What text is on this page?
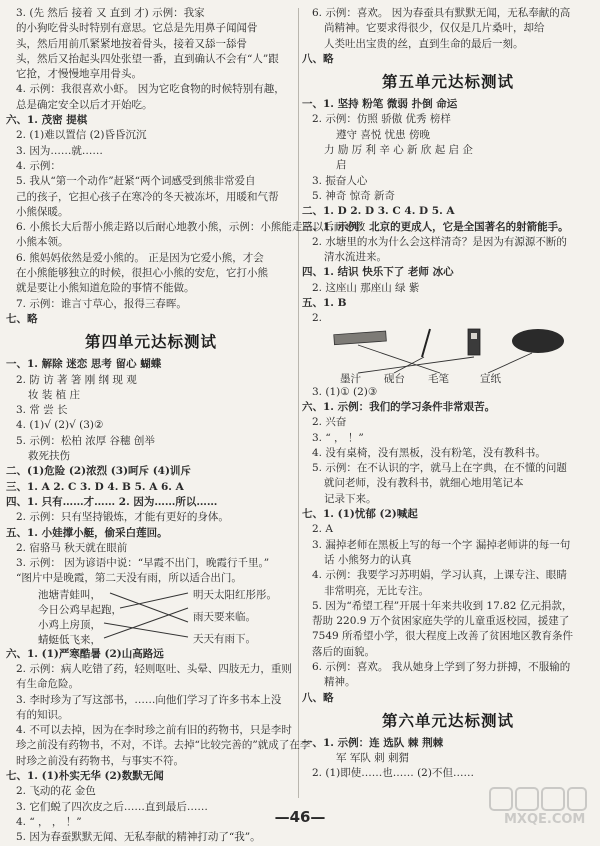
3. (先 然后 接着 又 直到 才) 示例：我家
的小狗吃骨头时特别有意思。它总是先用鼻子闻闻骨
头，然后用前爪紧紧地按着骨头，接着又舔一舔骨
头，然后又抬起头四处张望一番，直到确认不会有“人”跟
它抢，才慢慢地享用骨头。
4. 示例：我很喜欢小虾。 因为它吃食物的时候特别有趣，
总是确定安全以后才开始吃。
六、1. 茂密 提棋
2. (1)难以置信 (2)昏昏沉沉
3. 因为……就……
4. 示例：
5. 我从“第一个动作”赶紧“两个词感受到熊非常爱自
己的孩子，它担心孩子在寒冷的冬天被冻坏，用暖和气帮
小熊保暖。
6. 小熊长大后帮小熊走路以后耐心地教小熊，示例：小熊能走路以后耐心教
小熊本领。
6. 熊妈妈依然是爱小熊的。 正是因为它爱小熊，才会
在小熊能够独立的时候，很担心小熊的安危，它打小熊
就是要让小熊知道危险的事情不能做。
7. 示例：谁言寸草心，报得三春晖。
七、略
第四单元达标测试
一、1. 解除 迷恋 思考 留心 蝴蝶
2. 防 访 著 箸 刚 纲 现 观
妆 装 植 庄
3. 常 尝 长
4. (1)√ (2)√ (3)②
5. 示例：松柏 浓厚 谷穗 创举
救死扶伤
二、(1)危险 (2)浓烈 (3)呵斥 (4)训斥
三、1. A 2. C 3. D 4. B 5. A 6. A
四、1. 只有……才…… 2. 因为……所以……
2. 示例：只有坚持锻炼，才能有更好的身体。
五、1. 小娃撑小艇，偷采白莲回。
2. 宿骆马 秋天就在眼前
3. 示例： 因为谚语中说：“早霞不出门，晚霞行千里。”
“图片中是晚霞，第二天没有雨，所以适合出门。
池塘青蛙叫，
今日公鸡早起跑，
小鸡上房顶，
蜻蜓低飞来，
明天太阳红彤彤。
雨天要来临。
天天有雨下。
六、1. (1)严寒酷暑 (2)山高路远
2. 示例：病人吃错了药，轻则呕吐、头晕、四肢无力，重则
有生命危险。
3. 李时珍为了写这部书，……向他们学习了许多书本上没
有的知识。
4. 不可以去掉，因为在李时珍之前有旧的药物书，只是李时
珍之前没有药物书，不对，不详。去掉“比较完善的”就成了在李
时珍之前没有药物书，与事实不符。
七、1. (1)朴实无华 (2)数默无闻
2. 飞动的花 金色
3. 它们蜕了四次皮之后……直到最后……
4. “ ， ， ！”
5. 因为春蚕默默无闻、无私奉献的精神打动了“我”。
6. 示例：喜欢。 因为春蚕具有默默无闻，无私奉献的高
尚精神。它要求得很少，仅仅是几片桑叶，却给
人类吐出宝贵的丝，直到生命的最后一刻。
八、略
第五单元达标测试
一、1. 坚持 粉笔 微弱 扑倒 命运
2. 示例：仿照 骄傲 优秀 榜样
遵守 喜悦 忧患 傍晚
力 励 厉 利 辛 心 新 欣 起 启 企
启
3. 振奋人心
5. 神奇 惊奇 新奇
二、1. D 2. D 3. C 4. D 5. A
三、1. 示例：北京的更成人，它是全国著名的射箭能手。
2. 水塘里的水为什么会这样清奇？是因为有源源不断的
清水流进来。
四、1. 结识 快乐下了 老师 冰心
2. 这座山 那座山 绿 紫
五、1. B
2.
墨汁 砚台 毛笔	宣纸
3. (1)① (2)③
六、1. 示例：我们的学习条件非常艰苦。
2. 兴奋
3. “ ， ！”
4. 没有桌椅，没有黑板，没有粉笔，没有教科书。
5. 示例：在不认识的字，就马上在字典，在不懂的问题
就问老师，没有教科书，就细心地用笔记本
记录下来。
七、1. (1)忧郁 (2)喊起
2. A
3. 漏掉老师在黑板上写的每一个字 漏掉老师讲的每一句
话 小熊努力的认真
4. 示例：我要学习苏明娟，学习认真，上课专注、眼睛
非常明亮，无比专注。
5. 因为“希望工程”开展十年来共收到 17.82 亿元捐款，
帮助 220.9 万个贫困家庭失学的儿童重返校园，援建了
7549 所希望小学，很大程度上改善了贫困地区教育条件
落后的面貌。
6. 示例：喜欢。 我从她身上学到了努力拼搏，不服输的
精神。
八、略
第六单元达标测试
一、1. 示例：连 选队 棘 荆棘
军 军队 刺 刺猬
2. (1)即使……也…… (2)不但……
—46—	MXQE.COM
